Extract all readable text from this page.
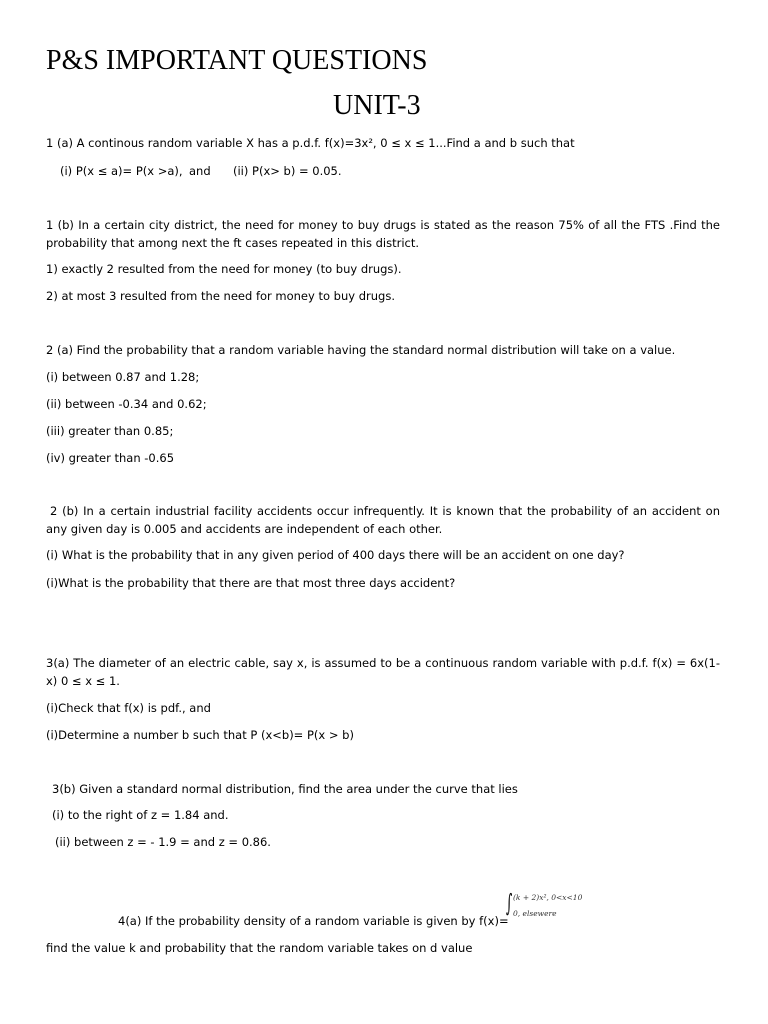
P&S IMPORTANT QUESTIONS
UNIT-3

1 (a) A continous random variable X has a p.d.f. f(x)=3x², 0 ≤ x ≤ 1...Find a and b such that

(i) P(x ≤ a)= P(x >a), and (ii) P(x> b) = 0.05.

1 (b) In a certain city district, the need for money to buy drugs is stated as the reason 75% of all the FTS .Find the probability that among next the ft cases repeated in this district.

1) exactly 2 resulted from the need for money (to buy drugs).

2) at most 3 resulted from the need for money to buy drugs.

2 (a) Find the probability that a random variable having the standard normal distribution will take on a value.

(i) between 0.87 and 1.28;

(ii) between -0.34 and 0.62;

(iii) greater than 0.85;

(iv) greater than -0.65

2 (b) In a certain industrial facility accidents occur infrequently. It is known that the probability of an accident on any given day is 0.005 and accidents are independent of each other.

(i) What is the probability that in any given period of 400 days there will be an accident on one day?

(i)What is the probability that there are that most three days accident?

3(a) The diameter of an electric cable, say x, is assumed to be a continuous random variable with p.d.f. f(x) = 6x(1-x) 0 ≤ x ≤ 1.

(i)Check that f(x) is pdf., and

(i)Determine a number b such that P (x<b)= P(x > b)

3(b) Given a standard normal distribution, find the area under the curve that lies

(i) to the right of z = 1.84 and.

(ii) between z = - 1.9 = and z = 0.86.

4(a) If the probability density of a random variable is given by f(x)=

∫ (k + 2)x², 0<x<10
0, elsewere

find the value k and probability that the random variable takes on d value
